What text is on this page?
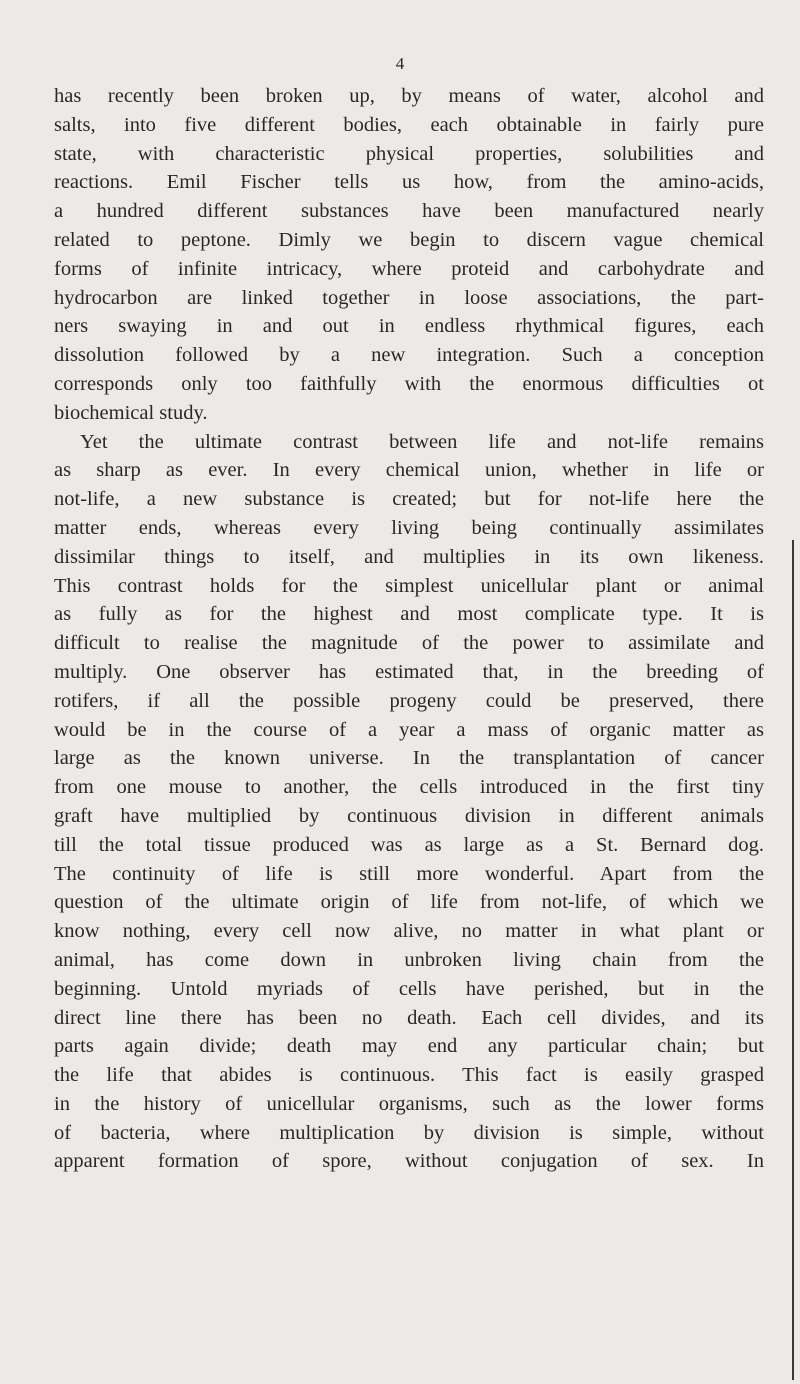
4
has recently been broken up, by means of water, alcohol and
salts, into five different bodies, each obtainable in fairly pure
state, with characteristic physical properties, solubilities and
reactions. Emil Fischer tells us how, from the amino-acids,
a hundred different substances have been manufactured nearly
related to peptone. Dimly we begin to discern vague chemical
forms of infinite intricacy, where proteid and carbohydrate and
hydrocarbon are linked together in loose associations, the part-
ners swaying in and out in endless rhythmical figures, each
dissolution followed by a new integration. Such a conception
corresponds only too faithfully with the enormous difficulties ot
biochemical study.
Yet the ultimate contrast between life and not-life remains
as sharp as ever. In every chemical union, whether in life or
not-life, a new substance is created; but for not-life here the
matter ends, whereas every living being continually assimilates
dissimilar things to itself, and multiplies in its own likeness.
This contrast holds for the simplest unicellular plant or animal
as fully as for the highest and most complicate type. It is
difficult to realise the magnitude of the power to assimilate and
multiply. One observer has estimated that, in the breeding of
rotifers, if all the possible progeny could be preserved, there
would be in the course of a year a mass of organic matter as
large as the known universe. In the transplantation of cancer
from one mouse to another, the cells introduced in the first tiny
graft have multiplied by continuous division in different animals
till the total tissue produced was as large as a St. Bernard dog.
The continuity of life is still more wonderful. Apart from the
question of the ultimate origin of life from not-life, of which we
know nothing, every cell now alive, no matter in what plant or
animal, has come down in unbroken living chain from the
beginning. Untold myriads of cells have perished, but in the
direct line there has been no death. Each cell divides, and its
parts again divide; death may end any particular chain; but
the life that abides is continuous. This fact is easily grasped
in the history of unicellular organisms, such as the lower forms
of bacteria, where multiplication by division is simple, without
apparent formation of spore, without conjugation of sex. In
